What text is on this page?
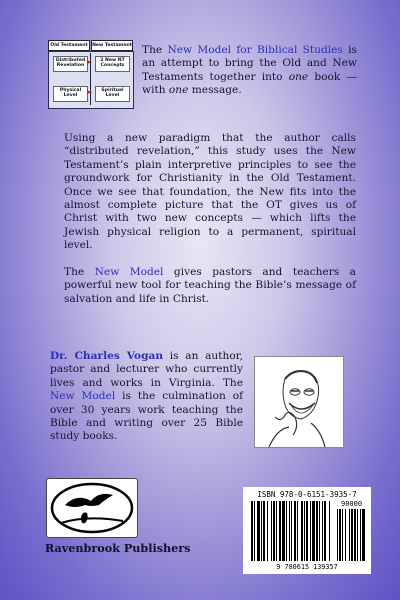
Old Testament New Testament
Distributed Revelation
2 New NT Concepts
►
Physical Level
Spiritual Level
►
The New Model for Biblical Studies is an attempt to bring the Old and New Testaments together into one book — with one message.
Using a new paradigm that the author calls “distributed revelation,” this study uses the New Testament’s plain interpretive principles to see the groundwork for Christianity in the Old Testament. Once we see that foundation, the New fits into the almost complete picture that the OT gives us of Christ with two new concepts — which lifts the Jewish physical religion to a permanent, spiritual level.
The New Model gives pastors and teachers a powerful new tool for teaching the Bible’s message of salvation and life in Christ.
Dr. Charles Vogan is an author, pastor and lecturer who currently lives and works in Virginia. The New Model is the culmination of over 30 years work teaching the Bible and writing over 25 Bible study books.
Ravenbrook Publishers
ISBN 978-0-6151-3935-7
90000
9 780615 139357
